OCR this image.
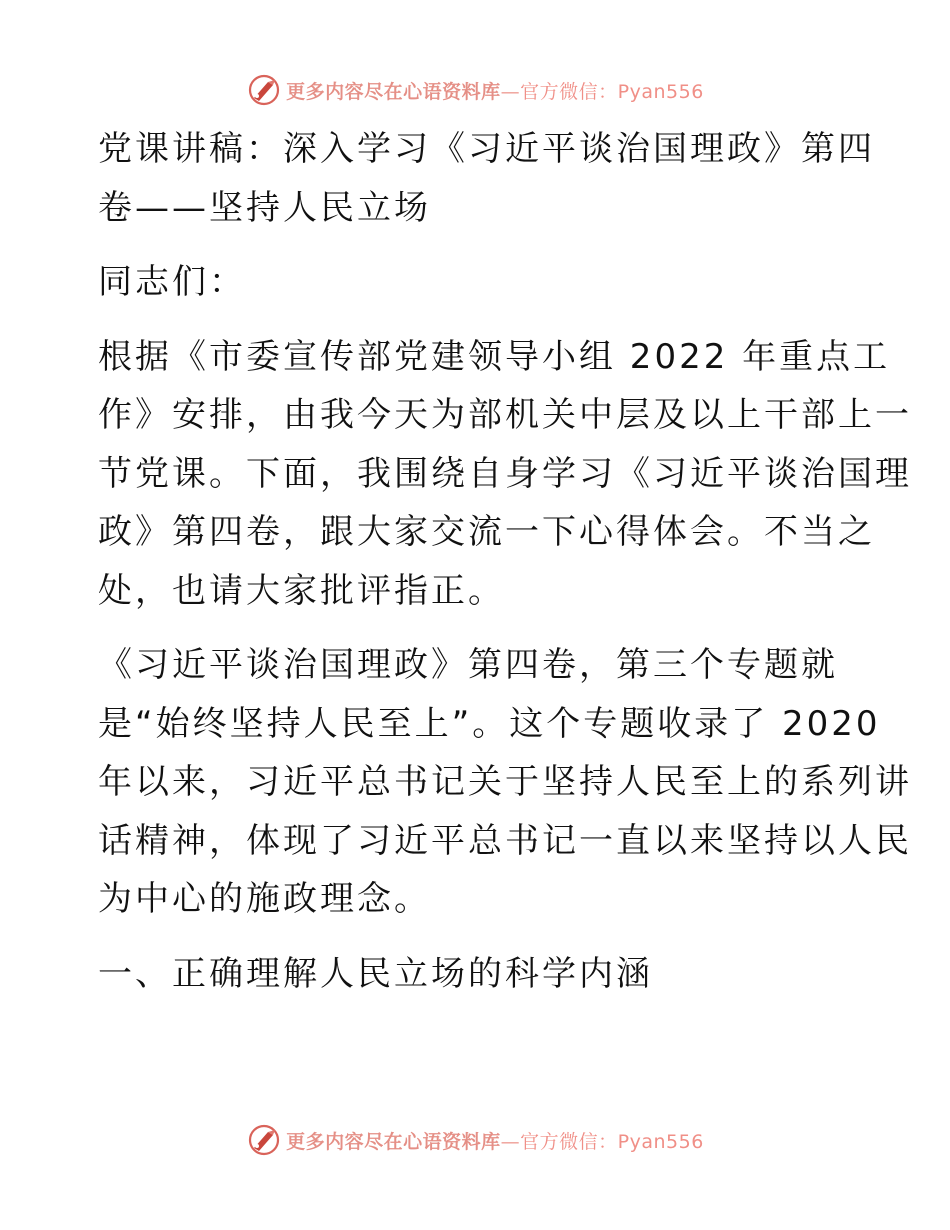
更多内容尽在心语资料库—官方微信：Pyan556
党课讲稿：深入学习《习近平谈治国理政》第四
卷——坚持人民立场
同志们：
根据《市委宣传部党建领导小组 2022 年重点工
作》安排，由我今天为部机关中层及以上干部上一
节党课。下面，我围绕自身学习《习近平谈治国理
政》第四卷，跟大家交流一下心得体会。不当之
处，也请大家批评指正。
《习近平谈治国理政》第四卷，第三个专题就
是“始终坚持人民至上”。这个专题收录了 2020
年以来，习近平总书记关于坚持人民至上的系列讲
话精神，体现了习近平总书记一直以来坚持以人民
为中心的施政理念。
一、正确理解人民立场的科学内涵
更多内容尽在心语资料库—官方微信：Pyan556
